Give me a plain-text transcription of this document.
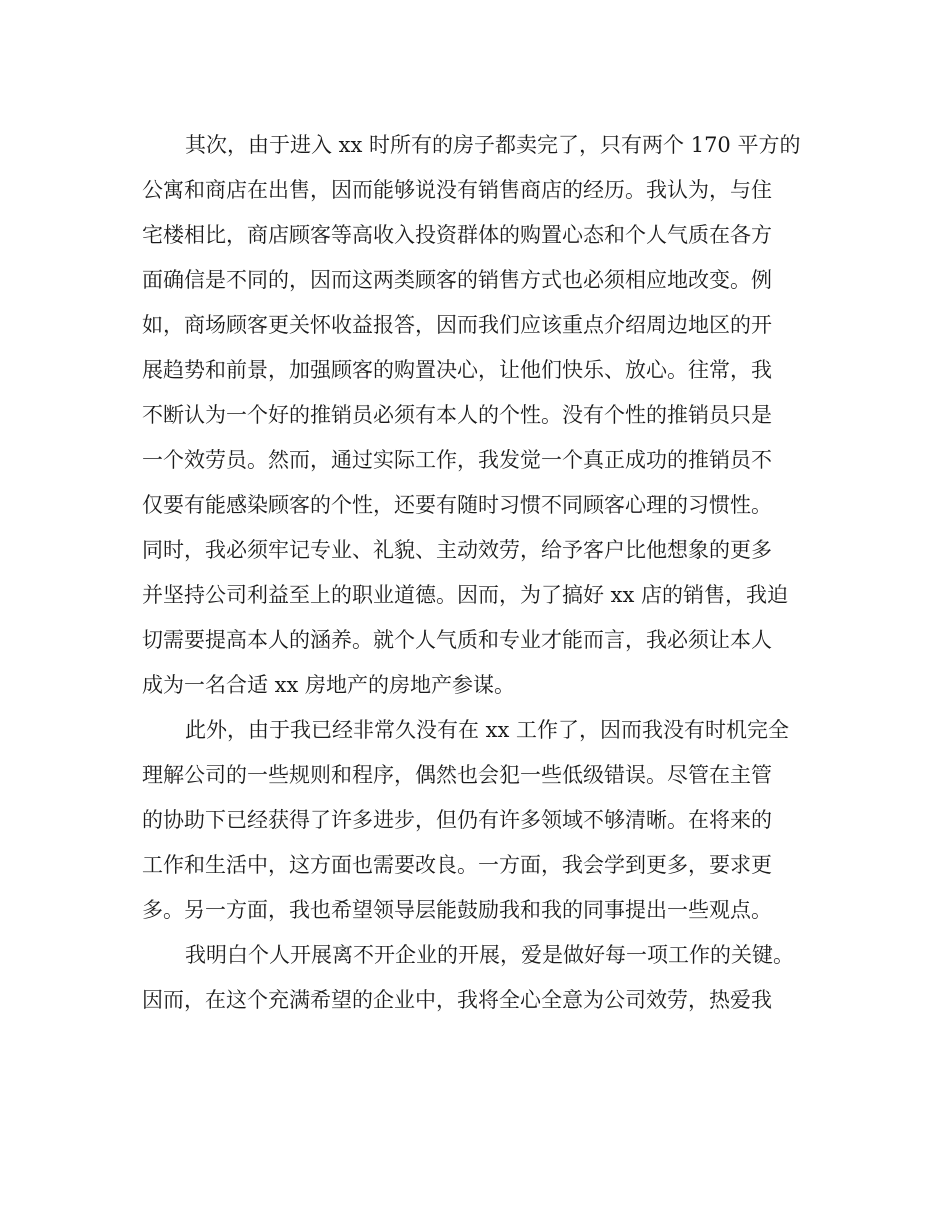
其次，由于进入 xx 时所有的房子都卖完了，只有两个 170 平方的
公寓和商店在出售，因而能够说没有销售商店的经历。我认为，与住
宅楼相比，商店顾客等高收入投资群体的购置心态和个人气质在各方
面确信是不同的，因而这两类顾客的销售方式也必须相应地改变。例
如，商场顾客更关怀收益报答，因而我们应该重点介绍周边地区的开
展趋势和前景，加强顾客的购置决心，让他们快乐、放心。往常，我
不断认为一个好的推销员必须有本人的个性。没有个性的推销员只是
一个效劳员。然而，通过实际工作，我发觉一个真正成功的推销员不
仅要有能感染顾客的个性，还要有随时习惯不同顾客心理的习惯性。
同时，我必须牢记专业、礼貌、主动效劳，给予客户比他想象的更多
并坚持公司利益至上的职业道德。因而，为了搞好 xx 店的销售，我迫
切需要提高本人的涵养。就个人气质和专业才能而言，我必须让本人
成为一名合适 xx 房地产的房地产参谋。
此外，由于我已经非常久没有在 xx 工作了，因而我没有时机完全
理解公司的一些规则和程序，偶然也会犯一些低级错误。尽管在主管
的协助下已经获得了许多进步，但仍有许多领域不够清晰。在将来的
工作和生活中，这方面也需要改良。一方面，我会学到更多，要求更
多。另一方面，我也希望领导层能鼓励我和我的同事提出一些观点。
我明白个人开展离不开企业的开展，爱是做好每一项工作的关键。
因而，在这个充满希望的企业中，我将全心全意为公司效劳，热爱我
